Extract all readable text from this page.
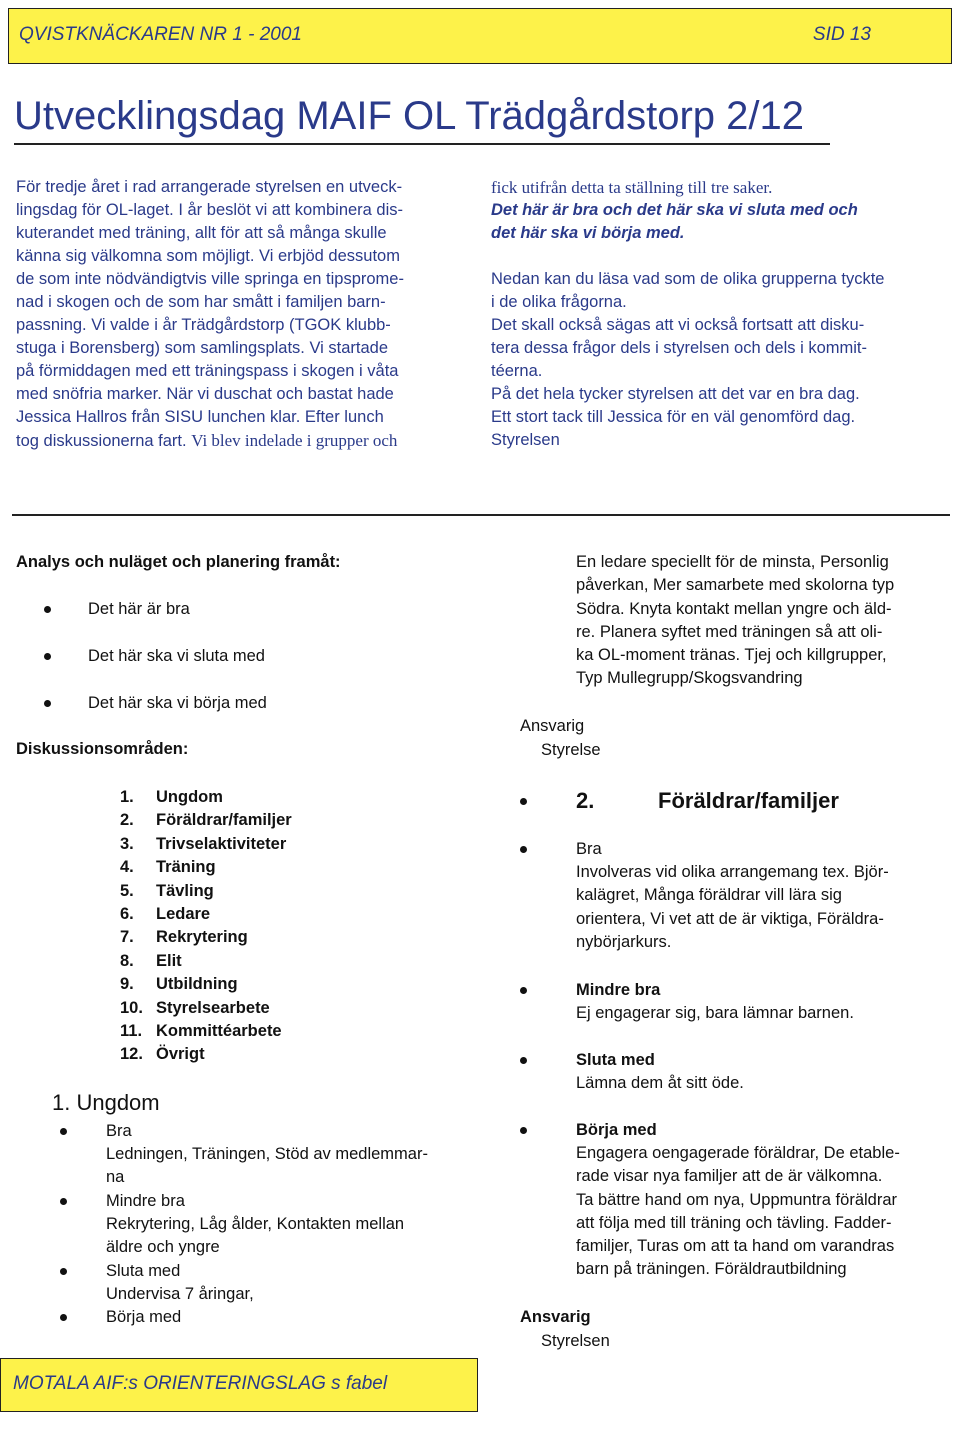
QVISTKNÄCKAREN NR 1 - 2001	SID 13
Utvecklingsdag MAIF OL Trädgårdstorp 2/12

För tredje året i rad arrangerade styrelsen en utveck-

lingsdag för OL-laget. I år beslöt vi att kombinera dis-

kuterandet med träning, allt för att så många skulle

känna sig välkomna som möjligt. Vi erbjöd dessutom

de som inte nödvändigtvis ville springa en tipsprome-

nad i skogen och de som har smått i familjen barn-

passning. Vi valde i år Trädgårdstorp (TGOK klubb-

stuga i Borensberg) som samlingsplats. Vi startade

på förmiddagen med ett träningspass i skogen i våta

med snöfria marker. När vi duschat och bastat hade

Jessica Hallros från SISU lunchen klar. Efter lunch

tog diskussionerna fart. Vi blev indelade i grupper och

fick utifrån detta ta ställning till tre saker.

Det här är bra och det här ska vi sluta med och

det här ska vi börja med.

Nedan kan du läsa vad som de olika grupperna tyckte

i de olika frågorna.

Det skall också sägas att vi också fortsatt att disku-

tera dessa frågor dels i styrelsen och dels i kommit-

téerna.

På det hela tycker styrelsen att det var en bra dag.

Ett stort tack till Jessica för en väl genomförd dag.

Styrelsen

Analys och nuläget och planering framåt:
Det här är bra
Det här ska vi sluta med
Det här ska vi börja med
Diskussionsområden:
1. Ungdom
2. Föräldrar/familjer
3. Trivselaktiviteter
4. Träning
5. Tävling
6. Ledare
7. Rekrytering
8. Elit
9. Utbildning
10. Styrelsearbete
11. Kommittéarbete
12. Övrigt
1. Ungdom
Bra
Ledningen, Träningen, Stöd av medlemmar-
na
Mindre bra
Rekrytering, Låg ålder, Kontakten mellan
äldre och yngre
Sluta med
Undervisa 7 åringar,
Börja med
En ledare speciellt för de minsta, Personlig
påverkan, Mer samarbete med skolorna typ
Södra. Knyta kontakt mellan yngre och äld-
re. Planera syftet med träningen så att oli-
ka OL-moment tränas. Tjej och killgrupper,
Typ Mullegrupp/Skogsvandring
Ansvarig
Styrelse
2.	Föräldrar/familjer
Bra
Involveras vid olika arrangemang tex. Björ-
kalägret, Många föräldrar vill lära sig
orientera, Vi vet att de är viktiga, Föräldra-
nybörjarkurs.
Mindre bra
Ej engagerar sig, bara lämnar barnen.
Sluta med
Lämna dem åt sitt öde.
Börja med
Engagera oengagerade föräldrar, De etable-
rade visar nya familjer att de är välkomna.
Ta bättre hand om nya, Uppmuntra föräldrar
att följa med till träning och tävling. Fadder-
familjer, Turas om att ta hand om varandras
barn på träningen. Föräldrautbildning
Ansvarig
Styrelsen
MOTALA AIF:s ORIENTERINGSLAG s fabel
